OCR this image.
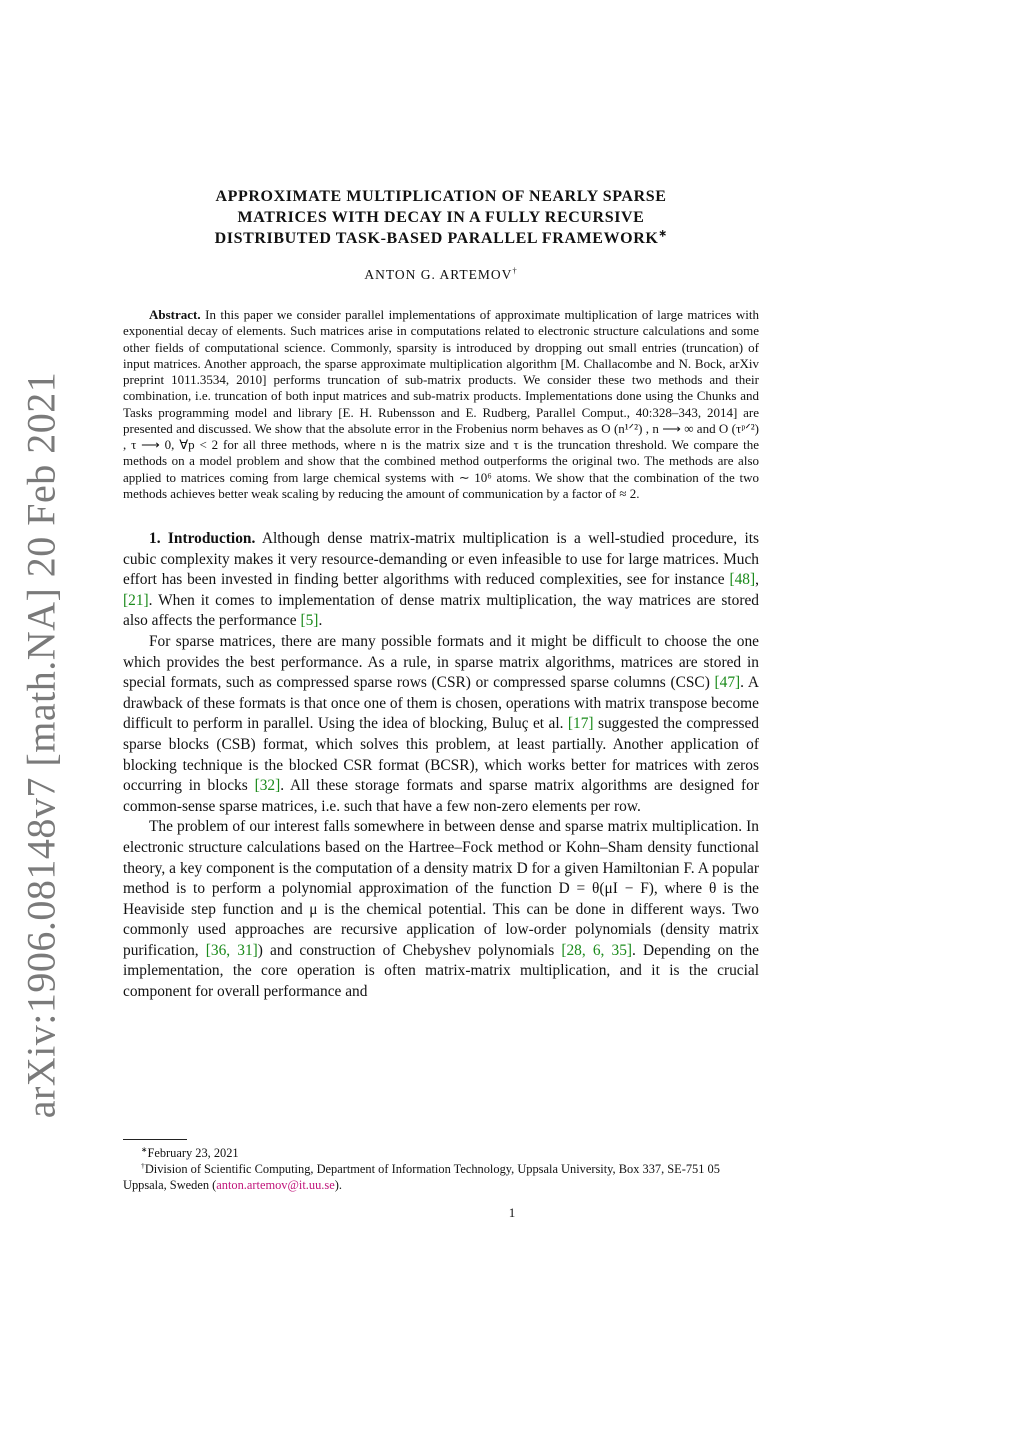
arXiv:1906.08148v7 [math.NA] 20 Feb 2021
APPROXIMATE MULTIPLICATION OF NEARLY SPARSE
MATRICES WITH DECAY IN A FULLY RECURSIVE
DISTRIBUTED TASK-BASED PARALLEL FRAMEWORK∗
ANTON G. ARTEMOV†

Abstract. In this paper we consider parallel implementations of approximate multiplication of large matrices with exponential decay of elements. Such matrices arise in computations related to electronic structure calculations and some other fields of computational science. Commonly, sparsity is introduced by dropping out small entries (truncation) of input matrices. Another approach, the sparse approximate multiplication algorithm [M. Challacombe and N. Bock, arXiv preprint 1011.3534, 2010] performs truncation of sub-matrix products. We consider these two methods and their combination, i.e. truncation of both input matrices and sub-matrix products. Implementations done using the Chunks and Tasks programming model and library [E. H. Rubensson and E. Rudberg, Parallel Comput., 40:328–343, 2014] are presented and discussed. We show that the absolute error in the Frobenius norm behaves as O (n¹ᐟ²) , n ⟶ ∞ and O (τᵖᐟ²) , τ ⟶ 0, ∀p < 2 for all three methods, where n is the matrix size and τ is the truncation threshold. We compare the methods on a model problem and show that the combined method outperforms the original two. The methods are also applied to matrices coming from large chemical systems with ∼ 10⁶ atoms. We show that the combination of the two methods achieves better weak scaling by reducing the amount of communication by a factor of ≈ 2.

1. Introduction. Although dense matrix-matrix multiplication is a well-studied procedure, its cubic complexity makes it very resource-demanding or even infeasible to use for large matrices. Much effort has been invested in finding better algorithms with reduced complexities, see for instance [48], [21]. When it comes to implementation of dense matrix multiplication, the way matrices are stored also affects the performance [5].

For sparse matrices, there are many possible formats and it might be difficult to choose the one which provides the best performance. As a rule, in sparse matrix algorithms, matrices are stored in special formats, such as compressed sparse rows (CSR) or compressed sparse columns (CSC) [47]. A drawback of these formats is that once one of them is chosen, operations with matrix transpose become difficult to perform in parallel. Using the idea of blocking, Buluç et al. [17] suggested the compressed sparse blocks (CSB) format, which solves this problem, at least partially. Another application of blocking technique is the blocked CSR format (BCSR), which works better for matrices with zeros occurring in blocks [32]. All these storage formats and sparse matrix algorithms are designed for common-sense sparse matrices, i.e. such that have a few non-zero elements per row.

The problem of our interest falls somewhere in between dense and sparse matrix multiplication. In electronic structure calculations based on the Hartree–Fock method or Kohn–Sham density functional theory, a key component is the computation of a density matrix D for a given Hamiltonian F. A popular method is to perform a polynomial approximation of the function D = θ(μI − F), where θ is the Heaviside step function and μ is the chemical potential. This can be done in different ways. Two commonly used approaches are recursive application of low-order polynomials (density matrix purification, [36, 31]) and construction of Chebyshev polynomials [28, 6, 35]. Depending on the implementation, the core operation is often matrix-matrix multiplication, and it is the crucial component for overall performance and

∗February 23, 2021

†Division of Scientific Computing, Department of Information Technology, Uppsala University, Box 337, SE-751 05 Uppsala, Sweden (anton.artemov@it.uu.se).

1
